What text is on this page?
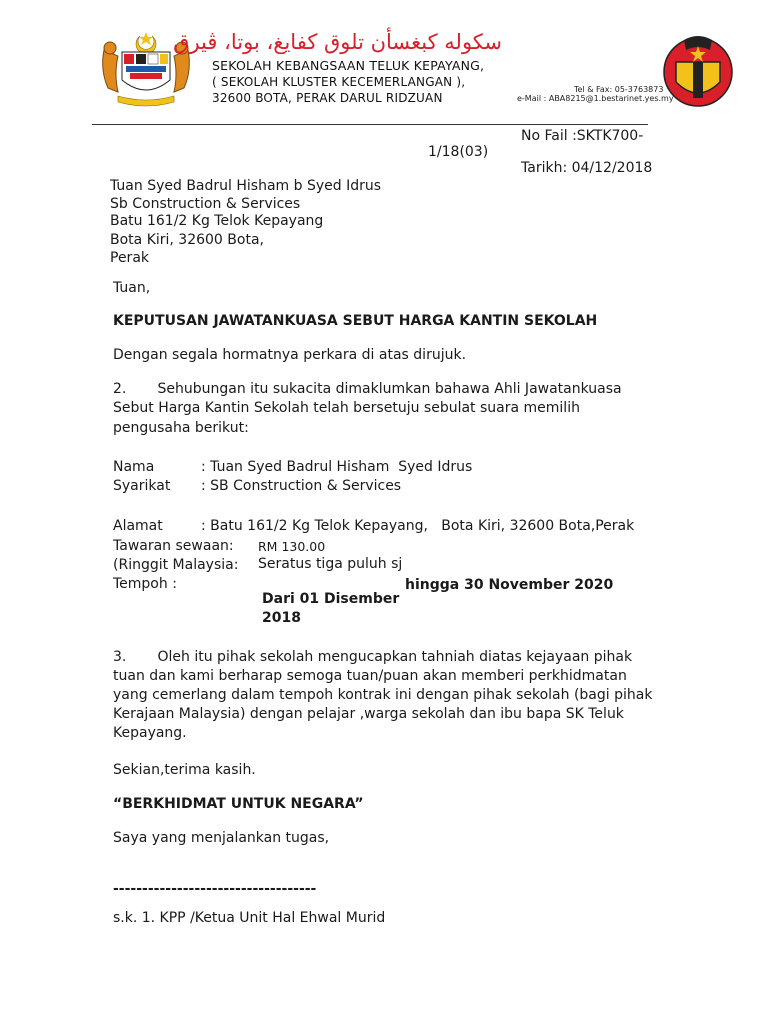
سکوله کبغسأن تلوق کفايغ، بوتا، ڤيرق
SEKOLAH KEBANGSAAN TELUK KEPAYANG,
( SEKOLAH KLUSTER KECEMERLANGAN ),
32600 BOTA, PERAK DARUL RIDZUAN
Tel & Fax: 05-3763873
e-Mail : ABA8215@1.bestarinet.yes.my
No Fail :SKTK700-
1/18(03)
Tarikh: 04/12/2018
Tuan Syed Badrul Hisham b Syed Idrus
Sb Construction & Services
Batu 161/2 Kg Telok Kepayang
Bota Kiri, 32600 Bota,
Perak
Tuan,
KEPUTUSAN JAWATANKUASA SEBUT HARGA KANTIN SEKOLAH
Dengan segala hormatnya perkara di atas dirujuk.
2.       Sehubungan itu sukacita dimaklumkan bahawa Ahli Jawatankuasa
Sebut Harga Kantin Sekolah telah bersetuju sebulat suara memilih
pengusaha berikut:
Nama	: Tuan Syed Badrul Hisham  Syed Idrus
Syarikat : SB Construction & Services
Alamat	: Batu 161/2 Kg Telok Kepayang,   Bota Kiri, 32600 Bota,Perak
Tawaran sewaan: RM 130.00
(Ringgit Malaysia: Seratus tiga puluh sj
Tempoh :	hingga 30 November 2020
Dari 01 Disember
2018
3.       Oleh itu pihak sekolah mengucapkan tahniah diatas kejayaan pihak
tuan dan kami berharap semoga tuan/puan akan memberi perkhidmatan
yang cemerlang dalam tempoh kontrak ini dengan pihak sekolah (bagi pihak
Kerajaan Malaysia) dengan pelajar ,warga sekolah dan ibu bapa SK Teluk
Kepayang.
Sekian,terima kasih.
“BERKHIDMAT UNTUK NEGARA”
Saya yang menjalankan tugas,
-----------------------------------
s.k. 1. KPP /Ketua Unit Hal Ehwal Murid
